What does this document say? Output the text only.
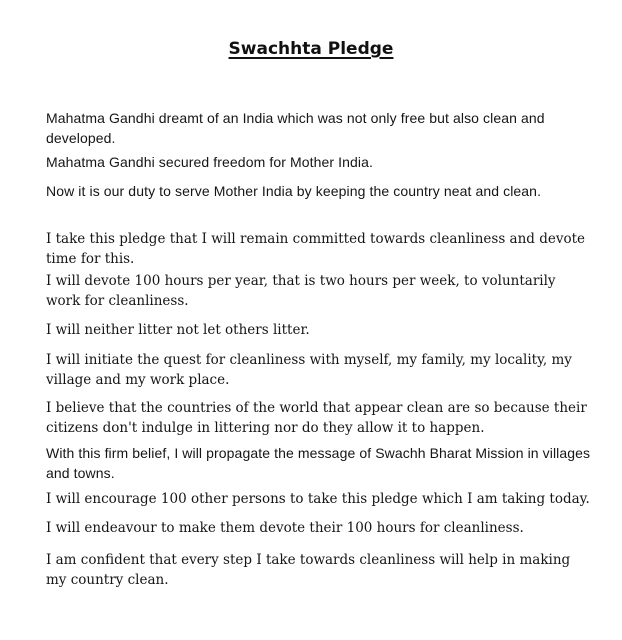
Swachhta Pledge

Mahatma Gandhi dreamt of an India which was not only free but also clean and developed.

Mahatma Gandhi secured freedom for Mother India.

Now it is our duty to serve Mother India by keeping the country neat and clean.

I take this pledge that I will remain committed towards cleanliness and devote time for this.

I will devote 100 hours per year, that is two hours per week, to voluntarily work for cleanliness.

I will neither litter not let others litter.

I will initiate the quest for cleanliness with myself, my family, my locality, my village and my work place.

I believe that the countries of the world that appear clean are so because their citizens don't indulge in littering nor do they allow it to happen.

With this firm belief, I will propagate the message of Swachh Bharat Mission in villages and towns.

I will encourage 100 other persons to take this pledge which I am taking today.

I will endeavour to make them devote their 100 hours for cleanliness.

I am confident that every step I take towards cleanliness will help in making my country clean.
